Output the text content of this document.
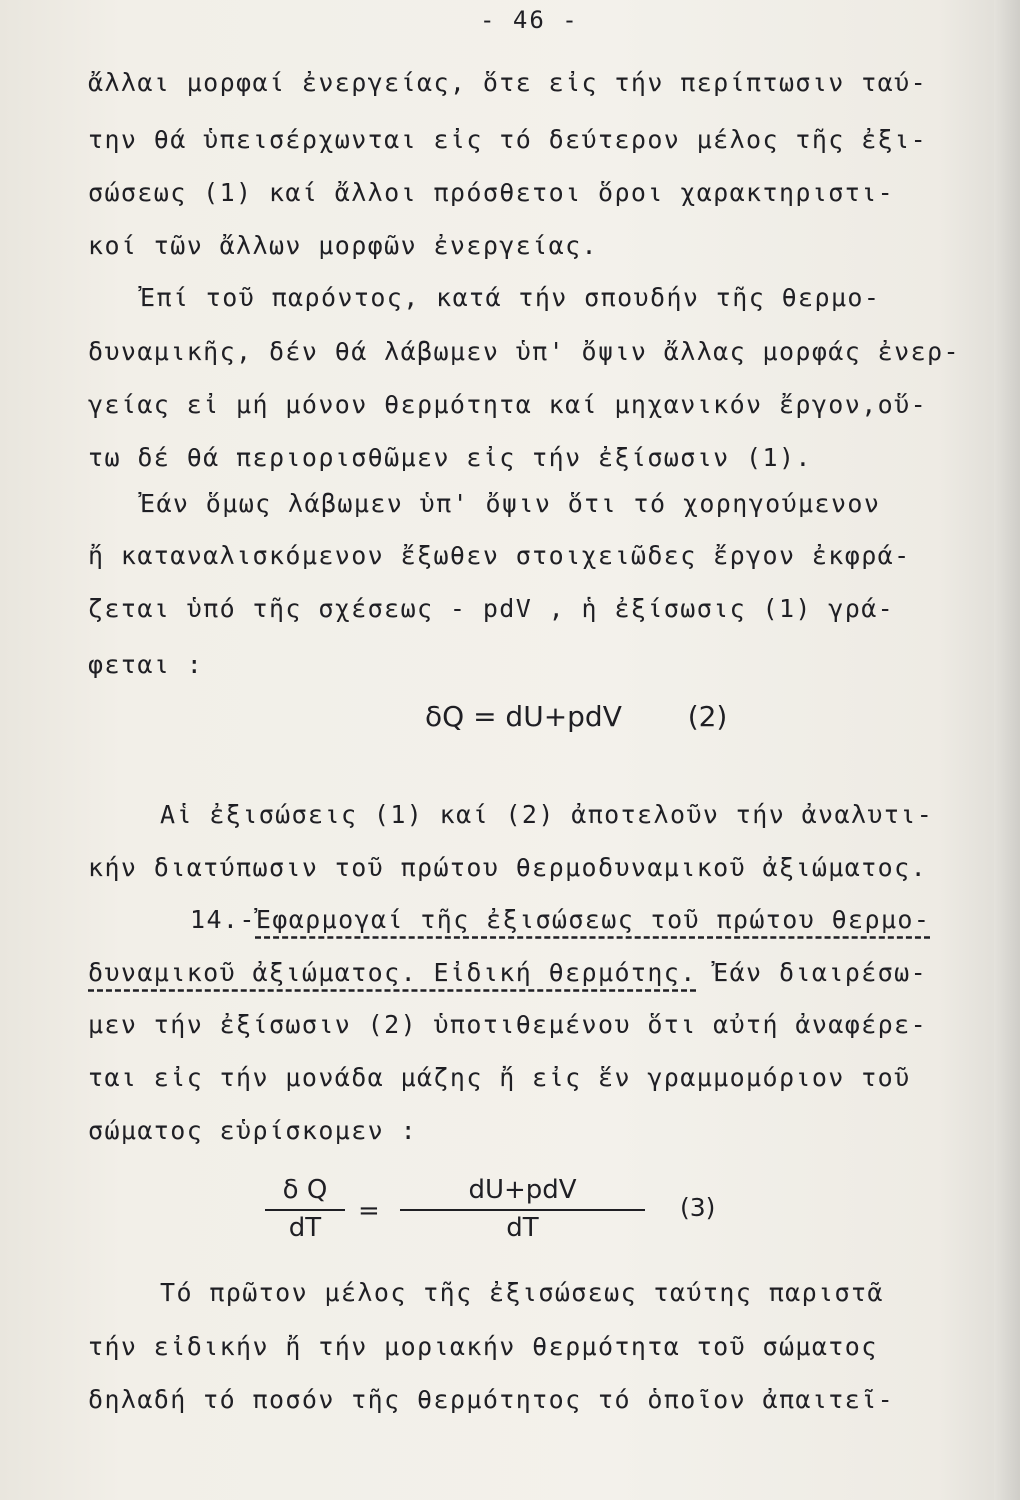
- 46 -
ἄλλαι μορφαί ἐνεργείας, ὅτε εἰς τήν περίπτωσιν ταύ-
την θά ὑπεισέρχωνται εἰς τό δεύτερον μέλος τῆς ἐξι-
σώσεως (1) καί ἄλλοι πρόσθετοι ὅροι χαρακτηριστι-
κοί τῶν ἄλλων μορφῶν ἐνεργείας.
Ἐπί τοῦ παρόντος, κατά τήν σπουδήν τῆς θερμο-
δυναμικῆς, δέν θά λάβωμεν ὑπ' ὄψιν ἄλλας μορφάς ἐνερ-
γείας εἰ μή μόνον θερμότητα καί μηχανικόν ἔργον,οὕ-
τω δέ θά περιορισθῶμεν εἰς τήν ἐξίσωσιν (1).
Ἐάν ὅμως λάβωμεν ὑπ' ὄψιν ὅτι τό χορηγούμενον
ἤ καταναλισκόμενον ἔξωθεν στοιχειῶδες ἔργον ἐκφρά-
ζεται ὑπό τῆς σχέσεως - pdV , ἡ ἐξίσωσις (1) γρά-
φεται :
δQ = dU+pdV (2)
Αἱ ἐξισώσεις (1) καί (2) ἀποτελοῦν τήν ἀναλυτι-
κήν διατύπωσιν τοῦ πρώτου θερμοδυναμικοῦ ἀξιώματος.
14.-Ἐφαρμογαί τῆς ἐξισώσεως τοῦ πρώτου θερμο-
δυναμικοῦ ἀξιώματος. Εἰδική θερμότης. Ἐάν διαιρέσω-
μεν τήν ἐξίσωσιν (2) ὑποτιθεμένου ὅτι αὐτή ἀναφέρε-
ται εἰς τήν μονάδα μάζης ἤ εἰς ἕν γραμμομόριον τοῦ
σώματος εὑρίσκομεν :
δ Q
dT
=
dU+pdV
dT
(3)
Τό πρῶτον μέλος τῆς ἐξισώσεως ταύτης παριστᾶ
τήν εἰδικήν ἤ τήν μοριακήν θερμότητα τοῦ σώματος
δηλαδή τό ποσόν τῆς θερμότητος τό ὁποῖον ἀπαιτεῖ-
